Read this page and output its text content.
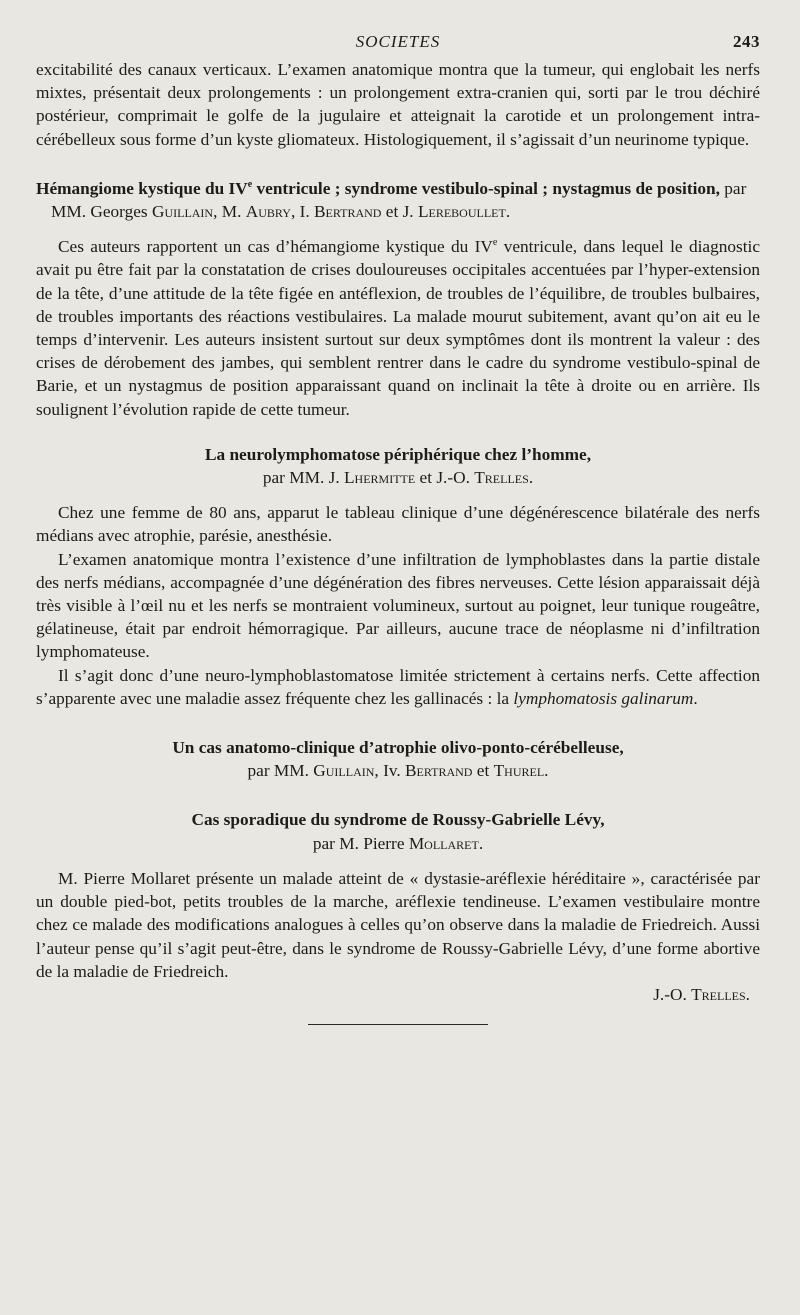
SOCIETES	243

excitabilité des canaux verticaux. L’examen anatomique montra que la tumeur, qui englobait les nerfs mixtes, présentait deux prolongements : un prolongement extra-cranien qui, sorti par le trou déchiré postérieur, comprimait le golfe de la jugulaire et atteignait la carotide et un prolongement intra-cérébelleux sous forme d’un kyste gliomateux. Histologiquement, il s’agissait d’un neurinome typique.

Hémangiome kystique du IVe ventricule ; syndrome vestibulo-spinal ; nystagmus de position, par MM. Georges Guillain, M. Aubry, I. Bertrand et J. Lereboullet.

Ces auteurs rapportent un cas d’hémangiome kystique du IVe ventricule, dans lequel le diagnostic avait pu être fait par la constatation de crises douloureuses occipitales accentuées par l’hyper-extension de la tête, d’une attitude de la tête figée en antéflexion, de troubles de l’équilibre, de troubles bulbaires, de troubles importants des réactions vestibulaires. La malade mourut subitement, avant qu’on ait eu le temps d’intervenir. Les auteurs insistent surtout sur deux symptômes dont ils montrent la valeur : des crises de dérobement des jambes, qui semblent rentrer dans le cadre du syndrome vestibulo-spinal de Barie, et un nystagmus de position apparaissant quand on inclinait la tête à droite ou en arrière. Ils soulignent l’évolution rapide de cette tumeur.

La neurolymphomatose périphérique chez l’homme,

par MM. J. Lhermitte et J.-O. Trelles.

Chez une femme de 80 ans, apparut le tableau clinique d’une dégénérescence bilatérale des nerfs médians avec atrophie, parésie, anesthésie.

L’examen anatomique montra l’existence d’une infiltration de lymphoblastes dans la partie distale des nerfs médians, accompagnée d’une dégénération des fibres nerveuses. Cette lésion apparaissait déjà très visible à l’œil nu et les nerfs se montraient volumineux, surtout au poignet, leur tunique rougeâtre, gélatineuse, était par endroit hémorragique. Par ailleurs, aucune trace de néoplasme ni d’infiltration lymphomateuse.

Il s’agit donc d’une neuro-lymphoblastomatose limitée strictement à certains nerfs. Cette affection s’apparente avec une maladie assez fréquente chez les gallinacés : la lymphomatosis galinarum.

Un cas anatomo-clinique d’atrophie olivo-ponto-cérébelleuse,

par MM. Guillain, Iv. Bertrand et Thurel.

Cas sporadique du syndrome de Roussy-Gabrielle Lévy,

par M. Pierre Mollaret.

M. Pierre Mollaret présente un malade atteint de « dystasie-aréflexie héréditaire », caractérisée par un double pied-bot, petits troubles de la marche, aréflexie tendineuse. L’examen vestibulaire montre chez ce malade des modifications analogues à celles qu’on observe dans la maladie de Friedreich. Aussi l’auteur pense qu’il s’agit peut-être, dans le syndrome de Roussy-Gabrielle Lévy, d’une forme abortive de la maladie de Friedreich.

J.-O. Trelles.
